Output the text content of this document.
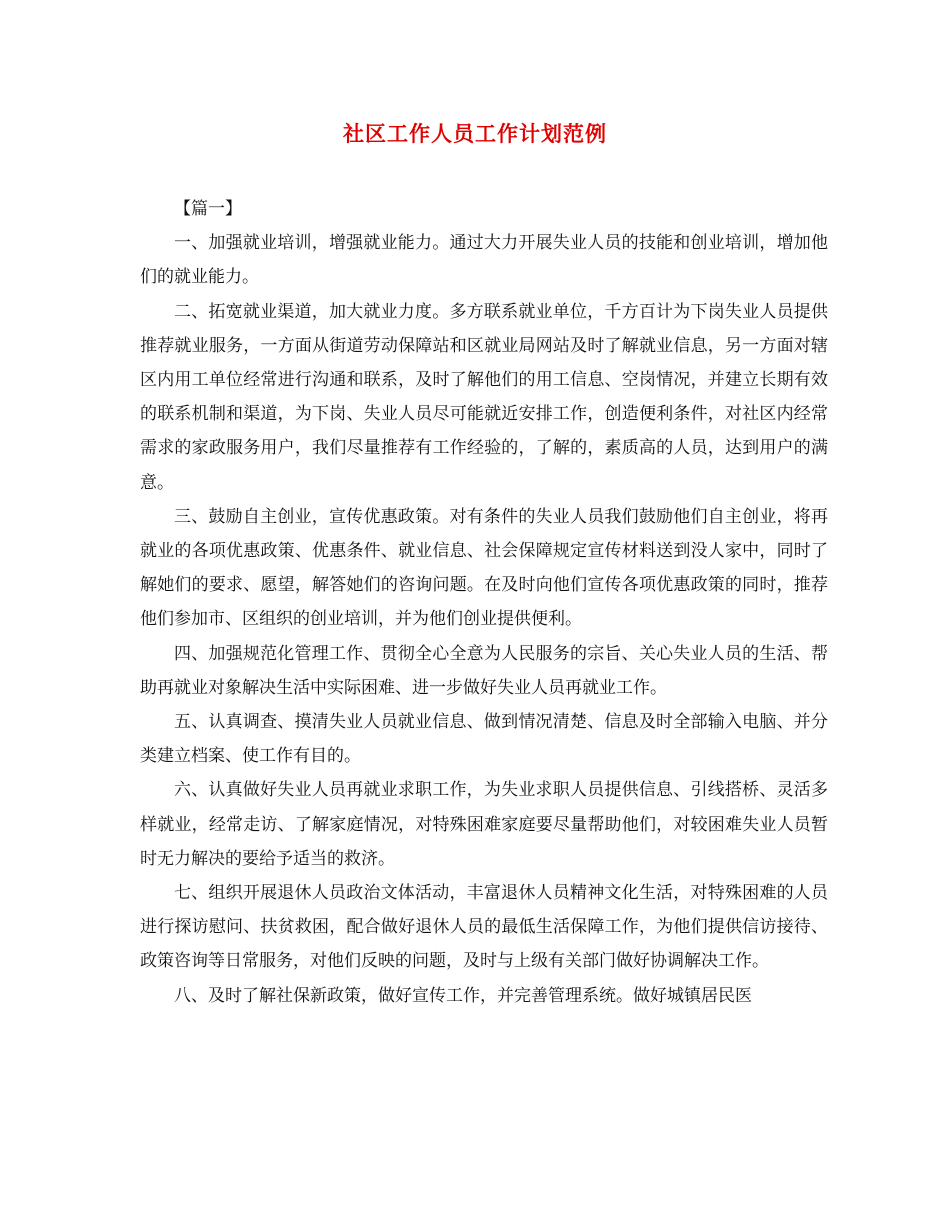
社区工作人员工作计划范例
【篇一】

一、加强就业培训，增强就业能力。通过大力开展失业人员的技能和创业培训，增加他们的就业能力。

二、拓宽就业渠道，加大就业力度。多方联系就业单位，千方百计为下岗失业人员提供推荐就业服务，一方面从街道劳动保障站和区就业局网站及时了解就业信息，另一方面对辖区内用工单位经常进行沟通和联系，及时了解他们的用工信息、空岗情况，并建立长期有效的联系机制和渠道，为下岗、失业人员尽可能就近安排工作，创造便利条件，对社区内经常需求的家政服务用户，我们尽量推荐有工作经验的，了解的，素质高的人员，达到用户的满意。

三、鼓励自主创业，宣传优惠政策。对有条件的失业人员我们鼓励他们自主创业，将再就业的各项优惠政策、优惠条件、就业信息、社会保障规定宣传材料送到没人家中，同时了解她们的要求、愿望，解答她们的咨询问题。在及时向他们宣传各项优惠政策的同时，推荐他们参加市、区组织的创业培训，并为他们创业提供便利。

四、加强规范化管理工作、贯彻全心全意为人民服务的宗旨、关心失业人员的生活、帮助再就业对象解决生活中实际困难、进一步做好失业人员再就业工作。

五、认真调查、摸清失业人员就业信息、做到情况清楚、信息及时全部输入电脑、并分类建立档案、使工作有目的。

六、认真做好失业人员再就业求职工作，为失业求职人员提供信息、引线搭桥、灵活多样就业，经常走访、了解家庭情况，对特殊困难家庭要尽量帮助他们，对较困难失业人员暂时无力解决的要给予适当的救济。

七、组织开展退休人员政治文体活动，丰富退休人员精神文化生活，对特殊困难的人员进行探访慰问、扶贫救困，配合做好退休人员的最低生活保障工作，为他们提供信访接待、政策咨询等日常服务，对他们反映的问题，及时与上级有关部门做好协调解决工作。

八、及时了解社保新政策，做好宣传工作，并完善管理系统。做好城镇居民医
